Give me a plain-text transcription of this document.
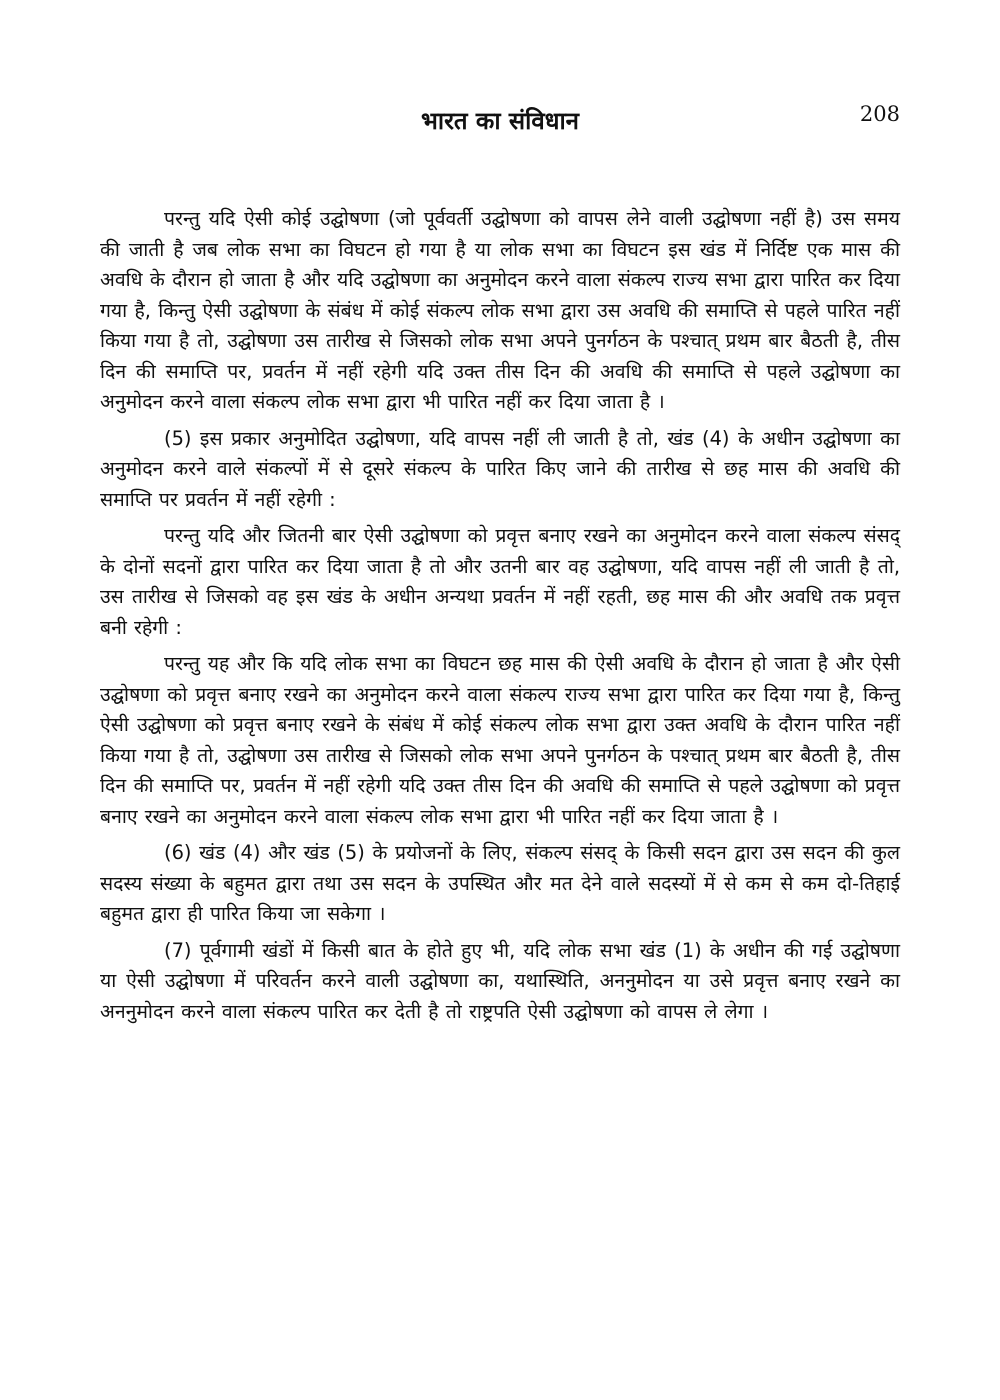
भारत का संविधान	208

परन्तु यदि ऐसी कोई उद्घोषणा (जो पूर्ववर्ती उद्घोषणा को वापस लेने वाली उद्घोषणा नहीं है) उस समय की जाती है जब लोक सभा का विघटन हो गया है या लोक सभा का विघटन इस खंड में निर्दिष्ट एक मास की अवधि के दौरान हो जाता है और यदि उद्घोषणा का अनुमोदन करने वाला संकल्प राज्य सभा द्वारा पारित कर दिया गया है, किन्तु ऐसी उद्घोषणा के संबंध में कोई संकल्प लोक सभा द्वारा उस अवधि की समाप्ति से पहले पारित नहीं किया गया है तो, उद्घोषणा उस तारीख से जिसको लोक सभा अपने पुनर्गठन के पश्चात् प्रथम बार बैठती है, तीस दिन की समाप्ति पर, प्रवर्तन में नहीं रहेगी यदि उक्त तीस दिन की अवधि की समाप्ति से पहले उद्घोषणा का अनुमोदन करने वाला संकल्प लोक सभा द्वारा भी पारित नहीं कर दिया जाता है ।

(5) इस प्रकार अनुमोदित उद्घोषणा, यदि वापस नहीं ली जाती है तो, खंड (4) के अधीन उद्घोषणा का अनुमोदन करने वाले संकल्पों में से दूसरे संकल्प के पारित किए जाने की तारीख से छह मास की अवधि की समाप्ति पर प्रवर्तन में नहीं रहेगी :

परन्तु यदि और जितनी बार ऐसी उद्घोषणा को प्रवृत्त बनाए रखने का अनुमोदन करने वाला संकल्प संसद् के दोनों सदनों द्वारा पारित कर दिया जाता है तो और उतनी बार वह उद्घोषणा, यदि वापस नहीं ली जाती है तो, उस तारीख से जिसको वह इस खंड के अधीन अन्यथा प्रवर्तन में नहीं रहती, छह मास की और अवधि तक प्रवृत्त बनी रहेगी :

परन्तु यह और कि यदि लोक सभा का विघटन छह मास की ऐसी अवधि के दौरान हो जाता है और ऐसी उद्घोषणा को प्रवृत्त बनाए रखने का अनुमोदन करने वाला संकल्प राज्य सभा द्वारा पारित कर दिया गया है, किन्तु ऐसी उद्घोषणा को प्रवृत्त बनाए रखने के संबंध में कोई संकल्प लोक सभा द्वारा उक्त अवधि के दौरान पारित नहीं किया गया है तो, उद्घोषणा उस तारीख से जिसको लोक सभा अपने पुनर्गठन के पश्चात् प्रथम बार बैठती है, तीस दिन की समाप्ति पर, प्रवर्तन में नहीं रहेगी यदि उक्त तीस दिन की अवधि की समाप्ति से पहले उद्घोषणा को प्रवृत्त बनाए रखने का अनुमोदन करने वाला संकल्प लोक सभा द्वारा भी पारित नहीं कर दिया जाता है ।

(6) खंड (4) और खंड (5) के प्रयोजनों के लिए, संकल्प संसद् के किसी सदन द्वारा उस सदन की कुल सदस्य संख्या के बहुमत द्वारा तथा उस सदन के उपस्थित और मत देने वाले सदस्यों में से कम से कम दो-तिहाई बहुमत द्वारा ही पारित किया जा सकेगा ।

(7) पूर्वगामी खंडों में किसी बात के होते हुए भी, यदि लोक सभा खंड (1) के अधीन की गई उद्घोषणा या ऐसी उद्घोषणा में परिवर्तन करने वाली उद्घोषणा का, यथास्थिति, अननुमोदन या उसे प्रवृत्त बनाए रखने का अननुमोदन करने वाला संकल्प पारित कर देती है तो राष्ट्रपति ऐसी उद्घोषणा को वापस ले लेगा ।
